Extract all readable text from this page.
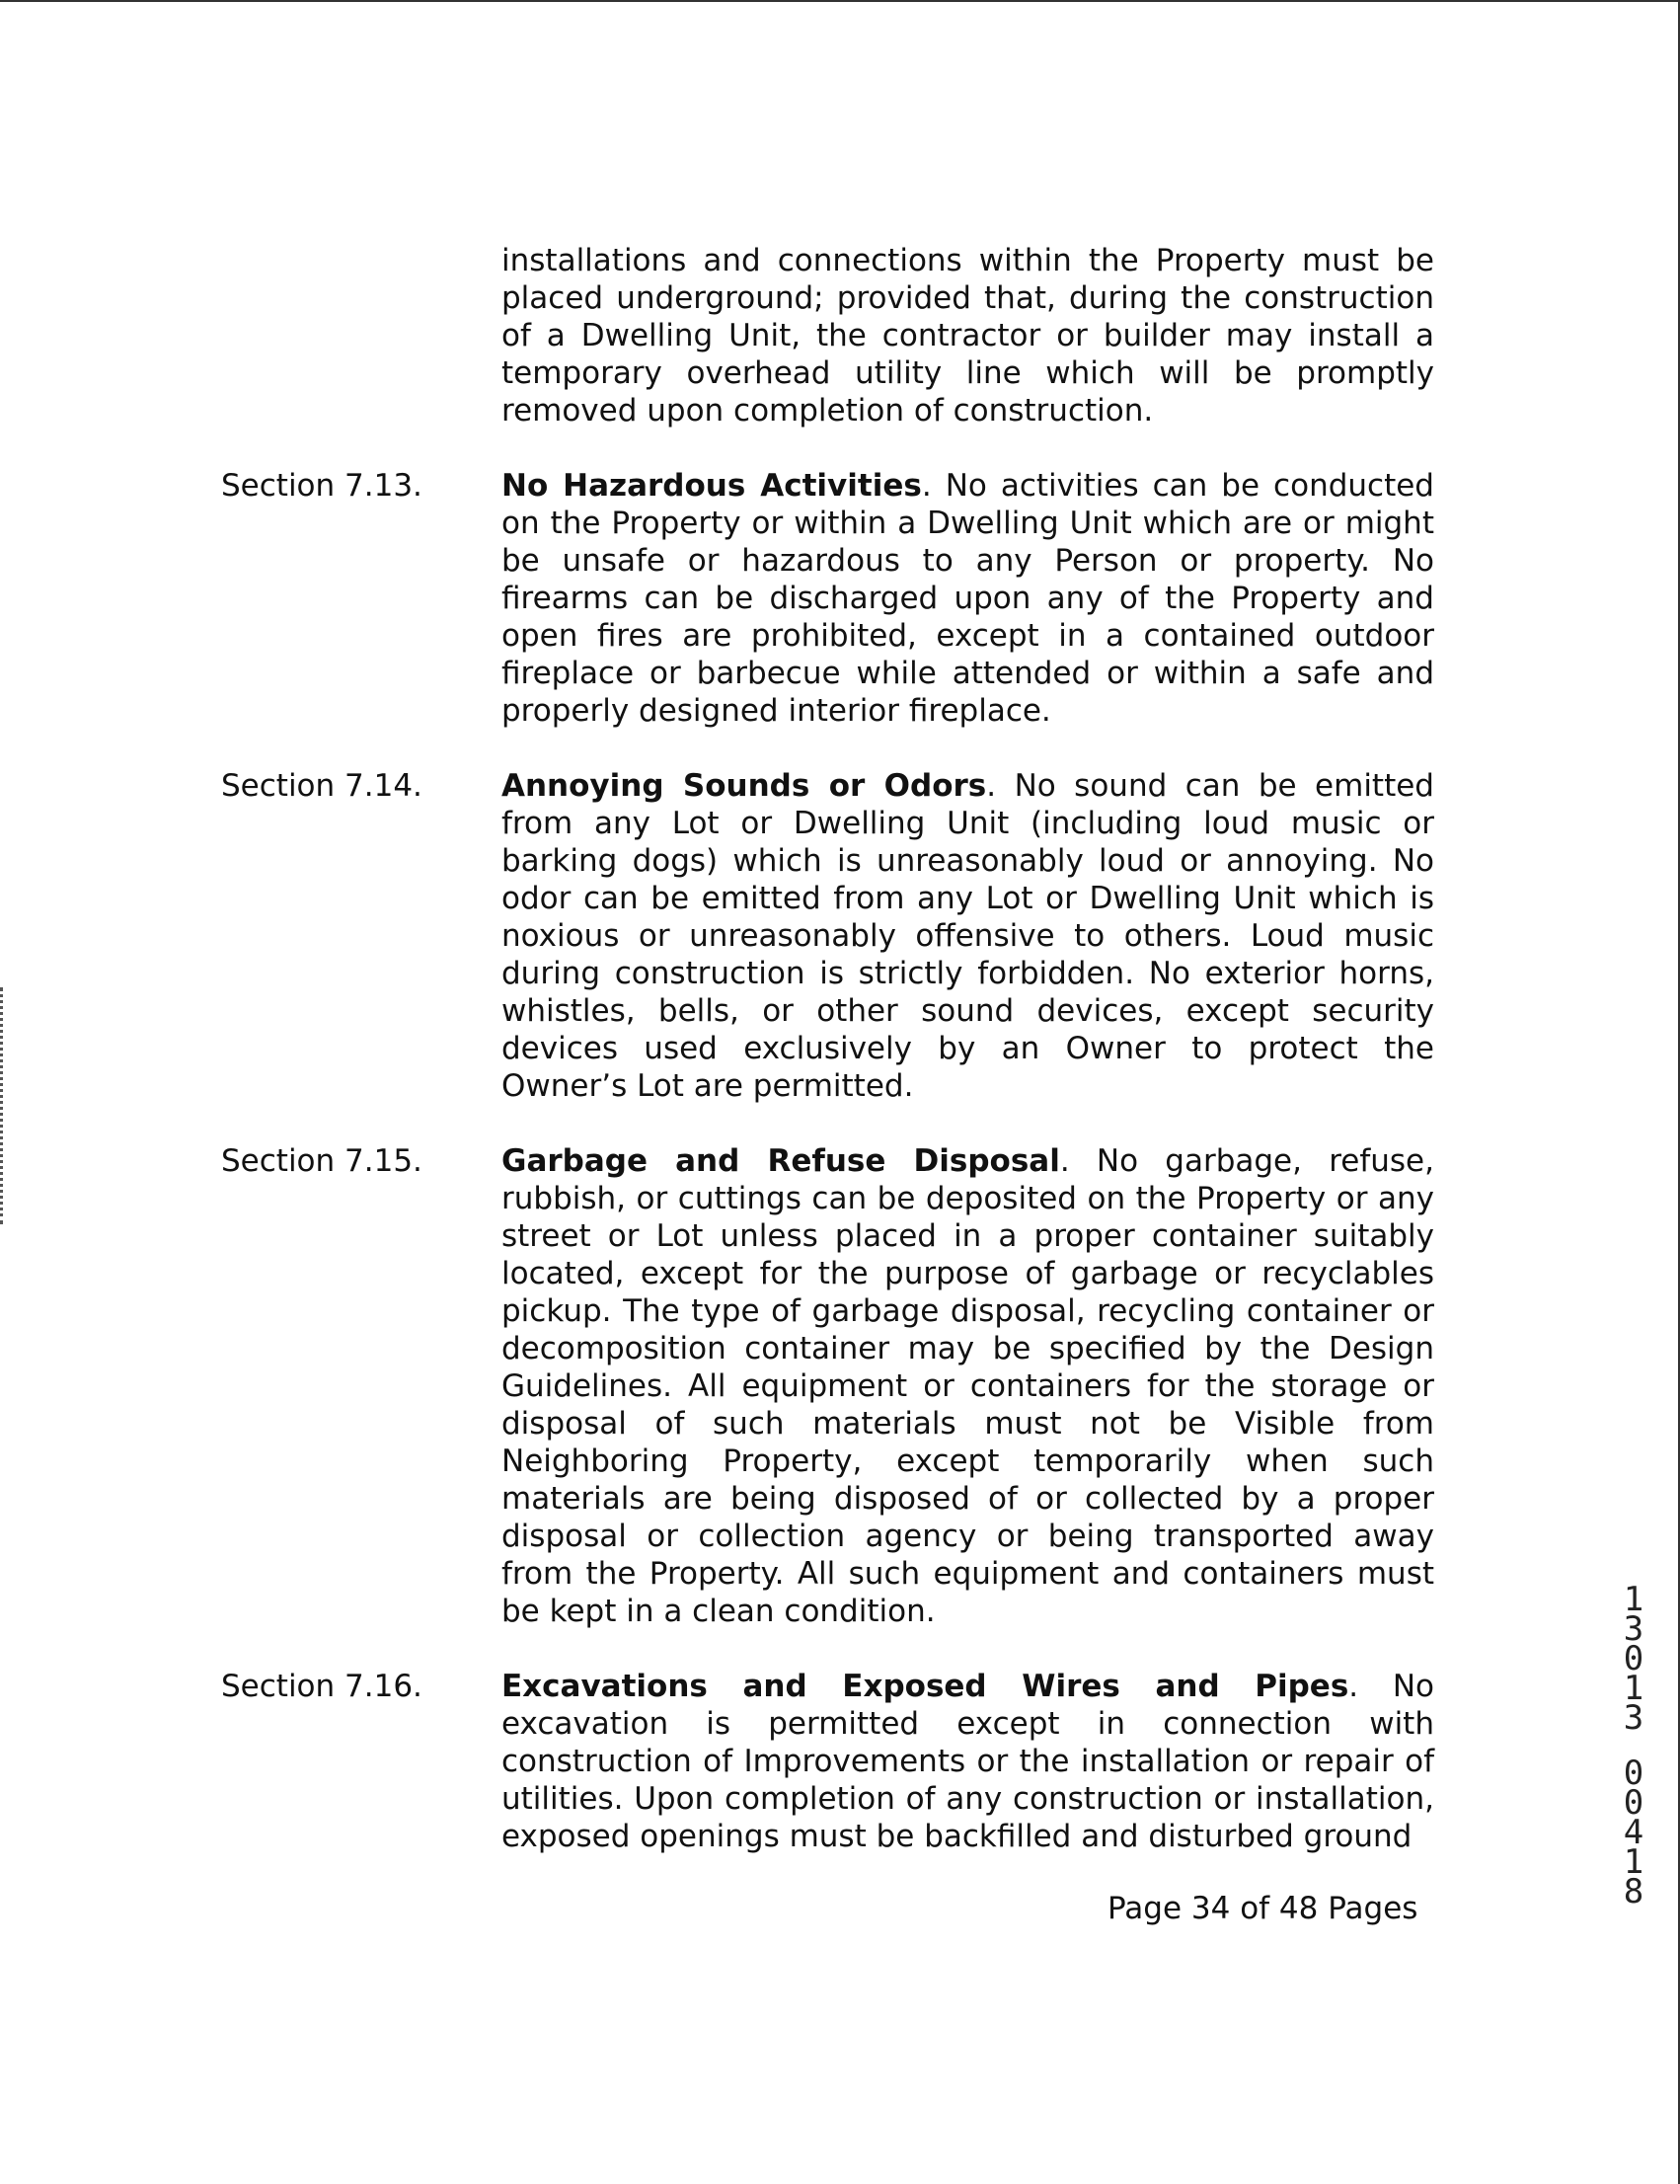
installations and connections within the Property must be placed underground; provided that, during the construction of a Dwelling Unit, the contractor or builder may install a temporary overhead utility line which will be promptly removed upon completion of construction.

Section 7.13.	No Hazardous Activities. No activities can be conducted on the Property or within a Dwelling Unit which are or might be unsafe or hazardous to any Person or property. No firearms can be discharged upon any of the Property and open fires are prohibited, except in a contained outdoor fireplace or barbecue while attended or within a safe and properly designed interior fireplace.

Section 7.14.	Annoying Sounds or Odors. No sound can be emitted from any Lot or Dwelling Unit (including loud music or barking dogs) which is unreasonably loud or annoying. No odor can be emitted from any Lot or Dwelling Unit which is noxious or unreasonably offensive to others. Loud music during construction is strictly forbidden. No exterior horns, whistles, bells, or other sound devices, except security devices used exclusively by an Owner to protect the Owner’s Lot are permitted.

Section 7.15.	Garbage and Refuse Disposal. No garbage, refuse, rubbish, or cuttings can be deposited on the Property or any street or Lot unless placed in a proper container suitably located, except for the purpose of garbage or recyclables pickup. The type of garbage disposal, recycling container or decomposition container may be specified by the Design Guidelines. All equipment or containers for the storage or disposal of such materials must not be Visible from Neighboring Property, except temporarily when such materials are being disposed of or collected by a proper disposal or collection agency or being transported away from the Property. All such equipment and containers must be kept in a clean condition.

Section 7.16.	Excavations and Exposed Wires and Pipes. No excavation is permitted except in connection with construction of Improvements or the installation or repair of utilities. Upon completion of any construction or installation, exposed openings must be backfilled and disturbed ground

Page 34 of 48 Pages
1
3
0
1
3
0
0
4
1
8
